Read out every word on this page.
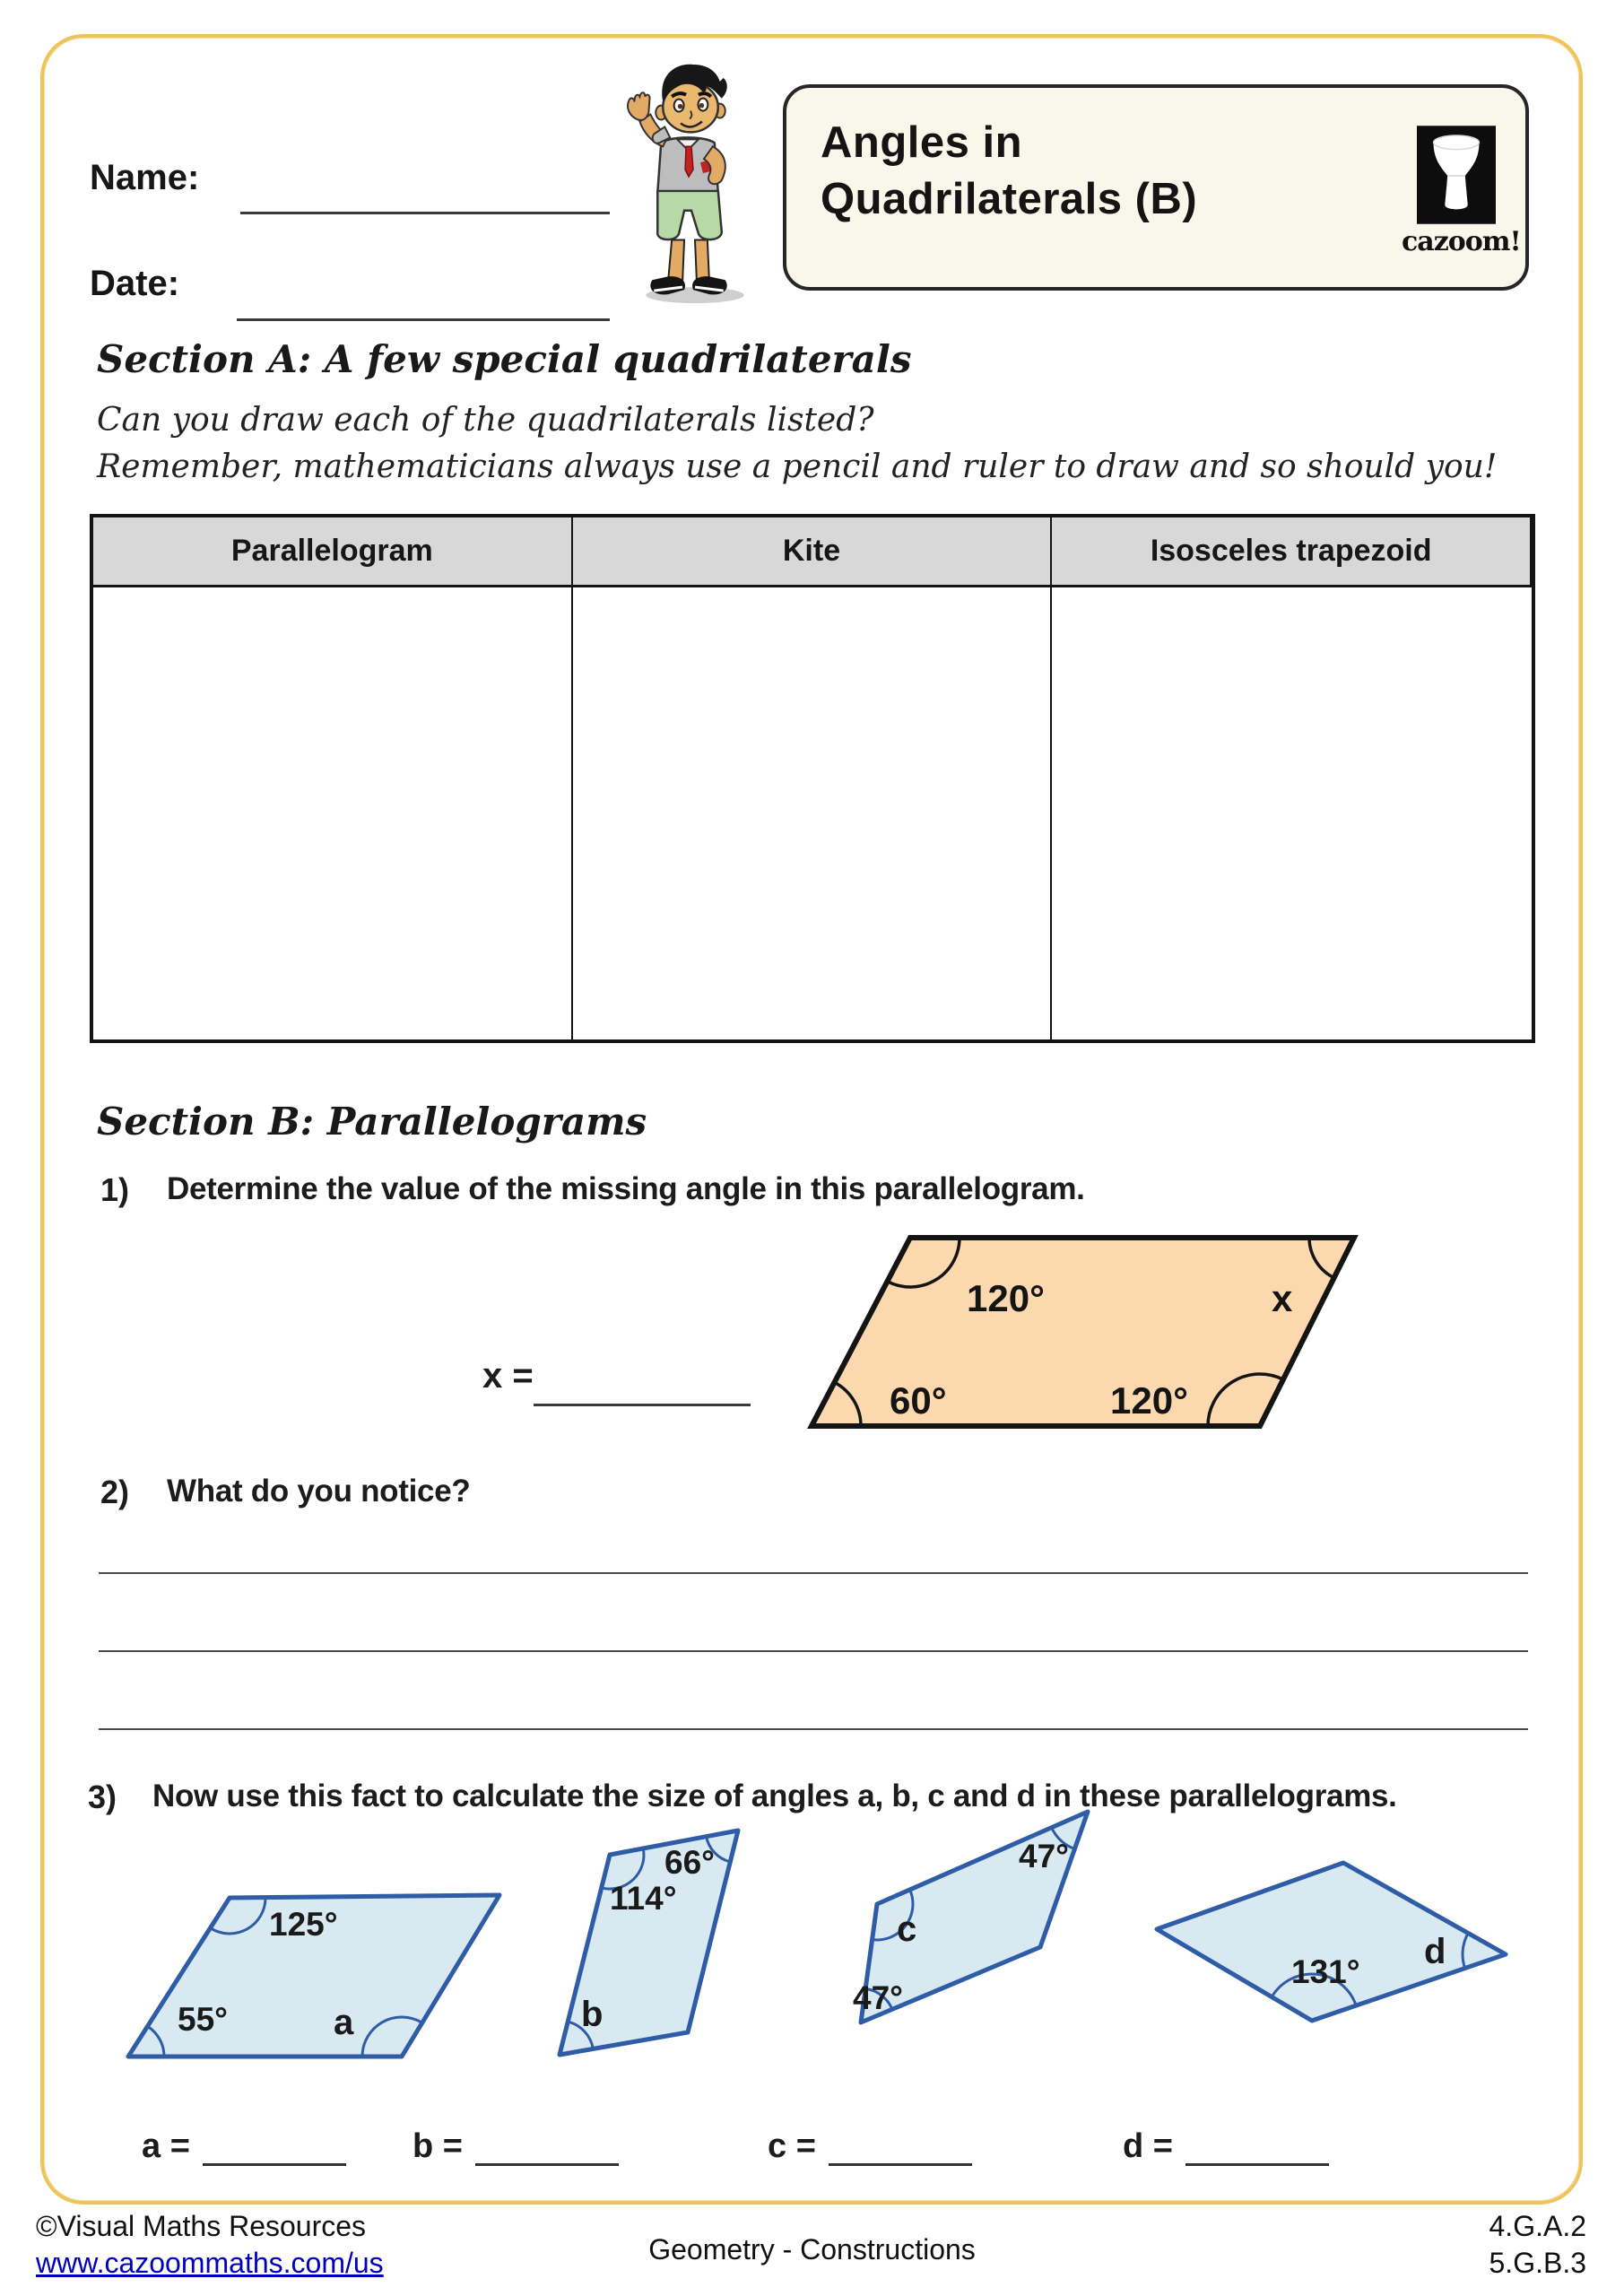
Name:
Date:
Angles in
Quadrilaterals (B)
cazoom!
Section A: A few special quadrilaterals
Can you draw each of the quadrilaterals listed?
Remember, mathematicians always use a pencil and ruler to draw and so should you!
Parallelogram	Kite	Isosceles trapezoid
Section B: Parallelograms
1) Determine the value of the missing angle in this parallelogram.
120°	x
60°	120°
x =
2) What do you notice?
3) Now use this fact to calculate the size of angles a, b, c and d in these parallelograms.
125°
55°	a
66°
114°
b
47°
c
47°
131°
d
a =	b =	c =	d =
©Visual Maths Resources
www.cazoommaths.com/us	Geometry - Constructions
4.G.A.2
5.G.B.3
